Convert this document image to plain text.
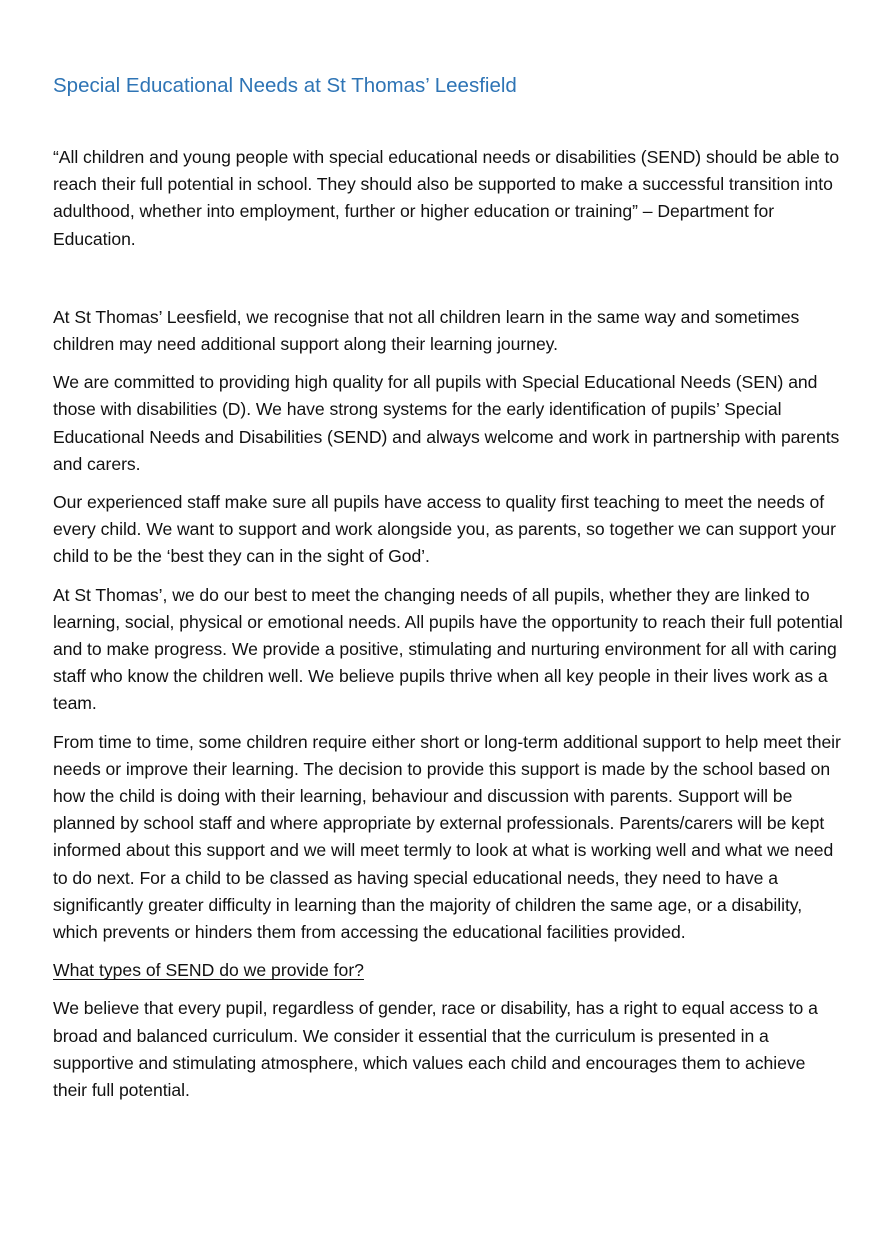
Special Educational Needs at St Thomas’ Leesfield

“All children and young people with special educational needs or disabilities (SEND) should be able to reach their full potential in school. They should also be supported to make a successful transition into adulthood, whether into employment, further or higher education or training” – Department for Education.

At St Thomas’ Leesfield, we recognise that not all children learn in the same way and sometimes children may need additional support along their learning journey.

We are committed to providing high quality for all pupils with Special Educational Needs (SEN) and those with disabilities (D). We have strong systems for the early identification of pupils’ Special Educational Needs and Disabilities (SEND) and always welcome and work in partnership with parents and carers.

Our experienced staff make sure all pupils have access to quality first teaching to meet the needs of every child. We want to support and work alongside you, as parents, so together we can support your child to be the ‘best they can in the sight of God’.

At St Thomas’, we do our best to meet the changing needs of all pupils, whether they are linked to learning, social, physical or emotional needs. All pupils have the opportunity to reach their full potential and to make progress. We provide a positive, stimulating and nurturing environment for all with caring staff who know the children well. We believe pupils thrive when all key people in their lives work as a team.

From time to time, some children require either short or long-term additional support to help meet their needs or improve their learning. The decision to provide this support is made by the school based on how the child is doing with their learning, behaviour and discussion with parents. Support will be planned by school staff and where appropriate by external professionals. Parents/carers will be kept informed about this support and we will meet termly to look at what is working well and what we need to do next. For a child to be classed as having special educational needs, they need to have a significantly greater difficulty in learning than the majority of children the same age, or a disability, which prevents or hinders them from accessing the educational facilities provided.

What types of SEND do we provide for?

We believe that every pupil, regardless of gender, race or disability, has a right to equal access to a broad and balanced curriculum. We consider it essential that the curriculum is presented in a supportive and stimulating atmosphere, which values each child and encourages them to achieve their full potential.
